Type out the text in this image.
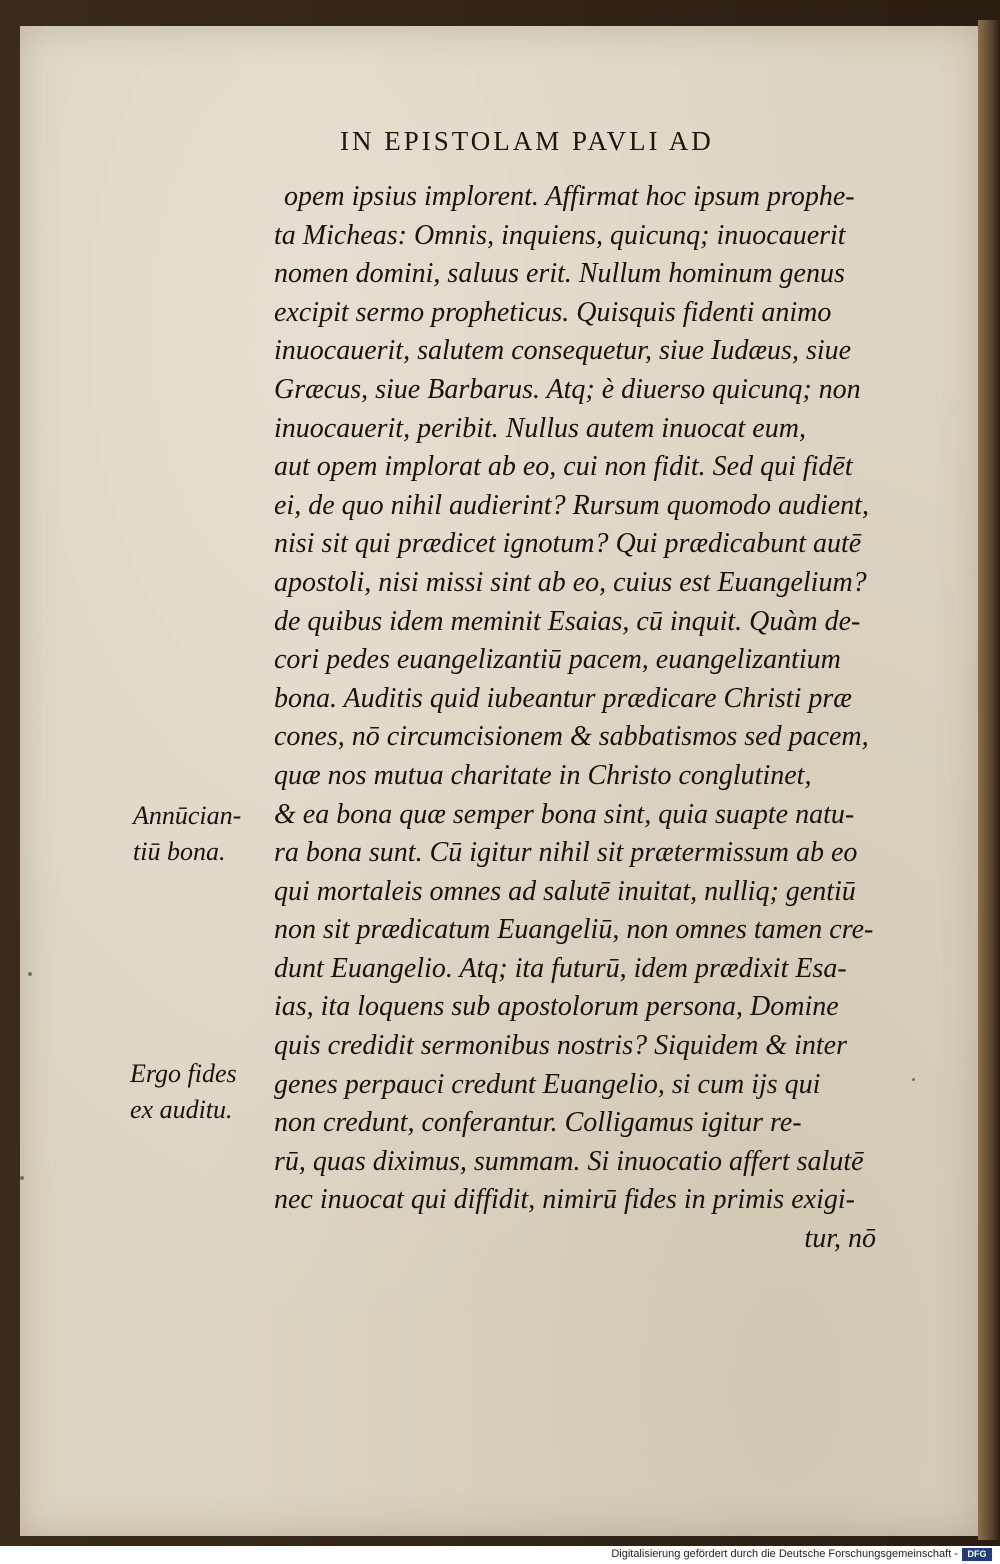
IN EPISTOLAM PAVLI AD
opem ipsius implorent. Affirmat hoc ipsum prophe-
ta Micheas: Omnis, inquiens, quicunq; inuocauerit
nomen domini, saluus erit. Nullum hominum genus
excipit sermo propheticus. Quisquis fidenti animo
inuocauerit, salutem consequetur, siue Iudæus, siue
Græcus, siue Barbarus. Atq; è diuerso quicunq; non
inuocauerit, peribit. Nullus autem inuocat eum,
aut opem implorat ab eo, cui non fidit. Sed qui fidēt
ei, de quo nihil audierint? Rursum quomodo audient,
nisi sit qui prædicet ignotum? Qui prædicabunt autē
apostoli, nisi missi sint ab eo, cuius est Euangelium?
de quibus idem meminit Esaias, cū inquit. Quàm de-
cori pedes euangelizantiū pacem, euangelizantium
bona. Auditis quid iubeantur prædicare Christi præ
cones, nō circumcisionem & sabbatismos sed pacem,
quæ nos mutua charitate in Christo conglutinet,
& ea bona quæ semper bona sint, quia suapte natu-
ra bona sunt. Cū igitur nihil sit prætermissum ab eo
qui mortaleis omnes ad salutē inuitat, nulliq; gentiū
non sit prædicatum Euangeliū, non omnes tamen cre-
dunt Euangelio. Atq; ita futurū, idem prædixit Esa-
ias, ita loquens sub apostolorum persona, Domine
quis credidit sermonibus nostris? Siquidem & inter
genes perpauci credunt Euangelio, si cum ijs qui
non credunt, conferantur. Colligamus igitur re-
rū, quas diximus, summam. Si inuocatio affert salutē
nec inuocat qui diffidit, nimirū fides in primis exigi-
tur, nō
Annūcian-
tiū bona.
Ergo fides
ex auditu.
Digitalisierung gefördert durch die Deutsche Forschungsgemeinschaft -	DFG
